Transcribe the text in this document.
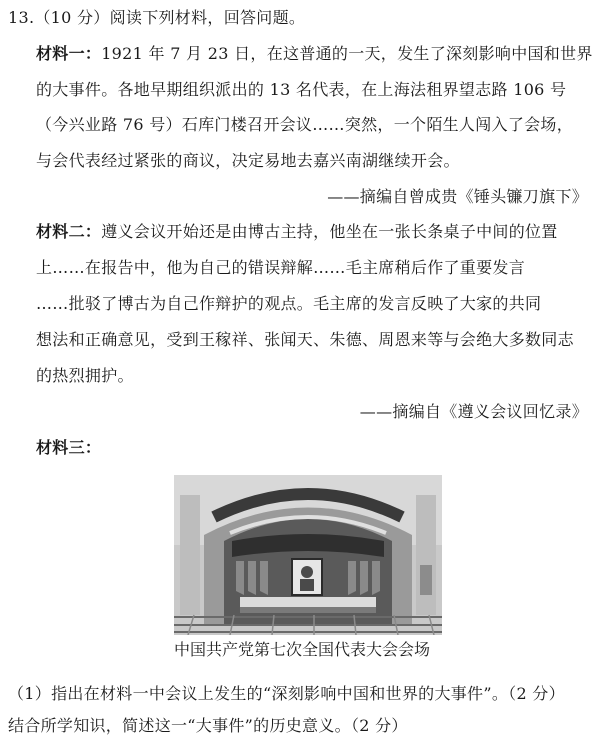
13.（10 分）阅读下列材料，回答问题。
材料一：1921 年 7 月 23 日，在这普通的一天，发生了深刻影响中国和世界
的大事件。各地早期组织派出的 13 名代表，在上海法租界望志路 106 号
（今兴业路 76 号）石库门楼召开会议……突然，一个陌生人闯入了会场，
与会代表经过紧张的商议，决定易地去嘉兴南湖继续开会。
——摘编自曾成贵《锤头镰刀旗下》
材料二：遵义会议开始还是由博古主持，他坐在一张长条桌子中间的位置
上……在报告中，他为自己的错误辩解……毛主席稍后作了重要发言
……批驳了博古为自己作辩护的观点。毛主席的发言反映了大家的共同
想法和正确意见，受到王稼祥、张闻天、朱德、周恩来等与会绝大多数同志
的热烈拥护。
——摘编自《遵义会议回忆录》
材料三：
中国共产党第七次全国代表大会会场
（1）指出在材料一中会议上发生的“深刻影响中国和世界的大事件”。（2 分）
结合所学知识，简述这一“大事件”的历史意义。（2 分）
